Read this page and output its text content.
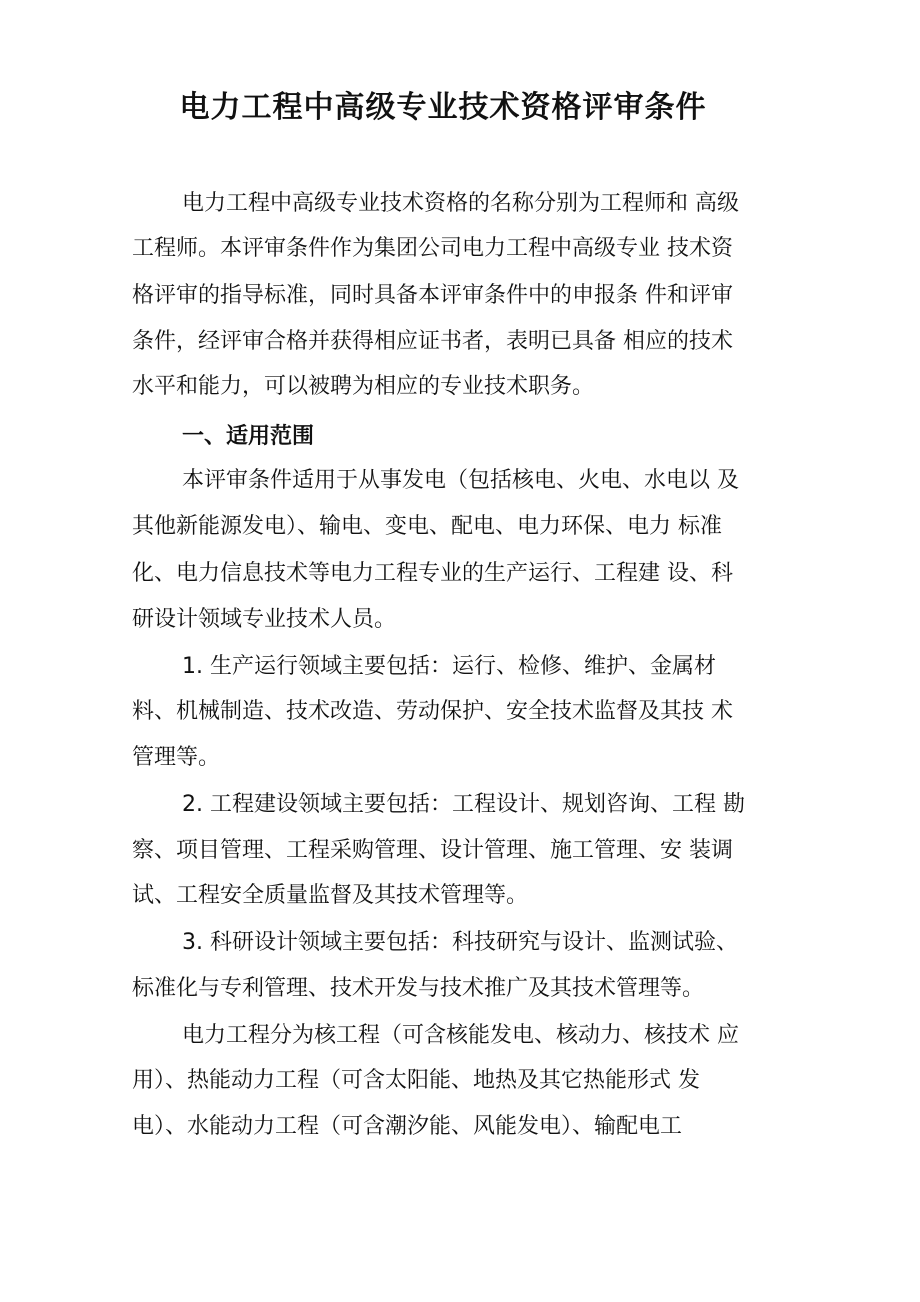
电力工程中高级专业技术资格评审条件

电力工程中高级专业技术资格的名称分别为工程师和 高级

工程师。本评审条件作为集团公司电力工程中高级专业 技术资

格评审的指导标准，同时具备本评审条件中的申报条 件和评审

条件，经评审合格并获得相应证书者，表明已具备 相应的技术

水平和能力，可以被聘为相应的专业技术职务。

一、适用范围

本评审条件适用于从事发电（包括核电、火电、水电以 及

其他新能源发电）、输电、变电、配电、电力环保、电力 标准

化、电力信息技术等电力工程专业的生产运行、工程建 设、科

研设计领域专业技术人员。

1. 生产运行领域主要包括：运行、检修、维护、金属材

料、机械制造、技术改造、劳动保护、安全技术监督及其技 术

管理等。

2. 工程建设领域主要包括：工程设计、规划咨询、工程 勘

察、项目管理、工程采购管理、设计管理、施工管理、安 装调

试、工程安全质量监督及其技术管理等。

3. 科研设计领域主要包括：科技研究与设计、监测试验、

标准化与专利管理、技术开发与技术推广及其技术管理等。

电力工程分为核工程（可含核能发电、核动力、核技术 应

用）、热能动力工程（可含太阳能、地热及其它热能形式 发

电）、水能动力工程（可含潮汐能、风能发电）、输配电工
